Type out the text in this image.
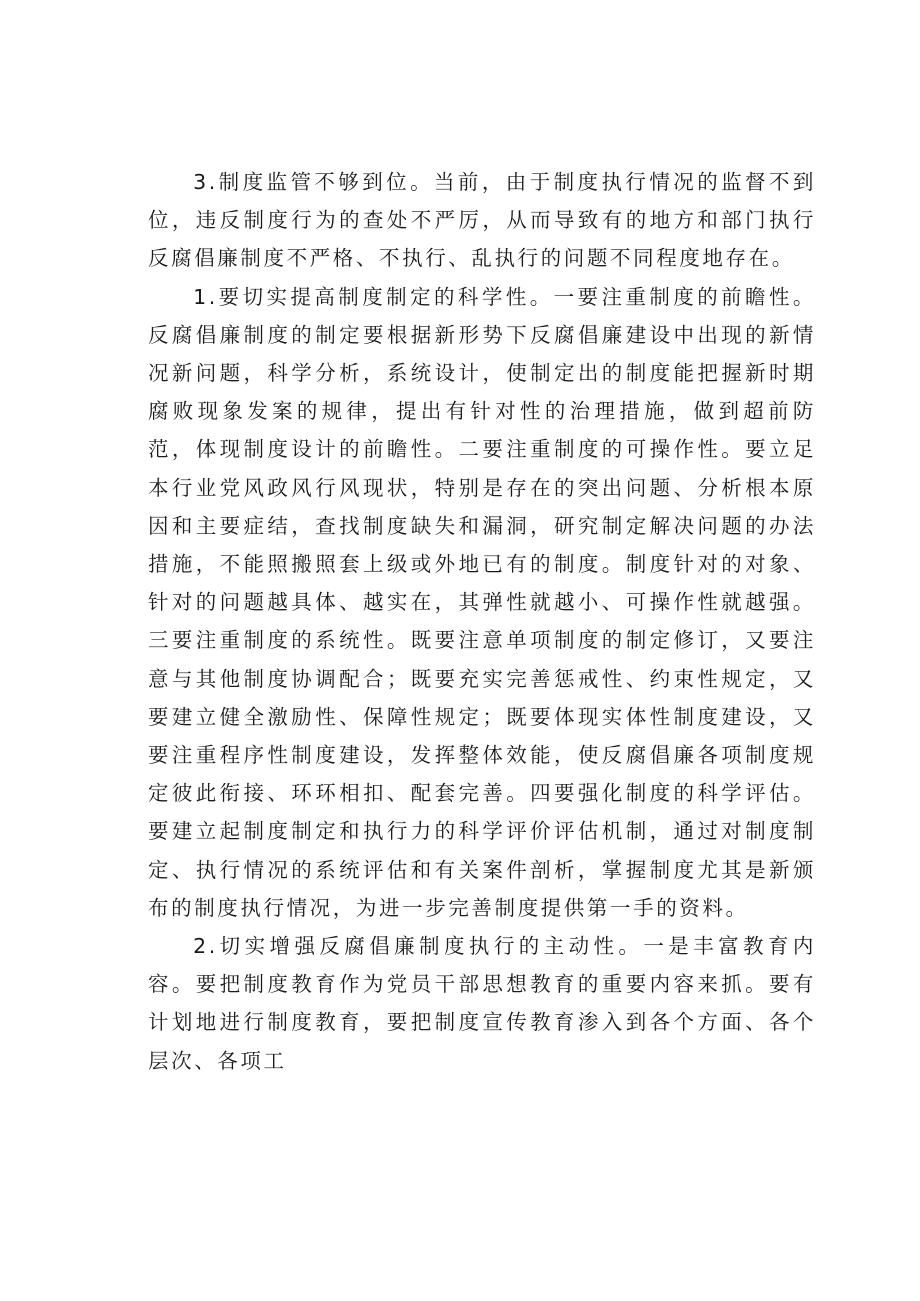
3.制度监管不够到位。当前，由于制度执行情况的监督不到位，违反制度行为的查处不严厉，从而导致有的地方和部门执行反腐倡廉制度不严格、不执行、乱执行的问题不同程度地存在。

1.要切实提高制度制定的科学性。一要注重制度的前瞻性。反腐倡廉制度的制定要根据新形势下反腐倡廉建设中出现的新情况新问题，科学分析，系统设计，使制定出的制度能把握新时期腐败现象发案的规律，提出有针对性的治理措施，做到超前防范，体现制度设计的前瞻性。二要注重制度的可操作性。要立足本行业党风政风行风现状，特别是存在的突出问题、分析根本原因和主要症结，查找制度缺失和漏洞，研究制定解决问题的办法措施，不能照搬照套上级或外地已有的制度。制度针对的对象、针对的问题越具体、越实在，其弹性就越小、可操作性就越强。三要注重制度的系统性。既要注意单项制度的制定修订，又要注意与其他制度协调配合；既要充实完善惩戒性、约束性规定，又要建立健全激励性、保障性规定；既要体现实体性制度建设，又要注重程序性制度建设，发挥整体效能，使反腐倡廉各项制度规定彼此衔接、环环相扣、配套完善。四要强化制度的科学评估。要建立起制度制定和执行力的科学评价评估机制，通过对制度制定、执行情况的系统评估和有关案件剖析，掌握制度尤其是新颁布的制度执行情况，为进一步完善制度提供第一手的资料。

2.切实增强反腐倡廉制度执行的主动性。一是丰富教育内容。要把制度教育作为党员干部思想教育的重要内容来抓。要有计划地进行制度教育，要把制度宣传教育渗入到各个方面、各个层次、各项工
